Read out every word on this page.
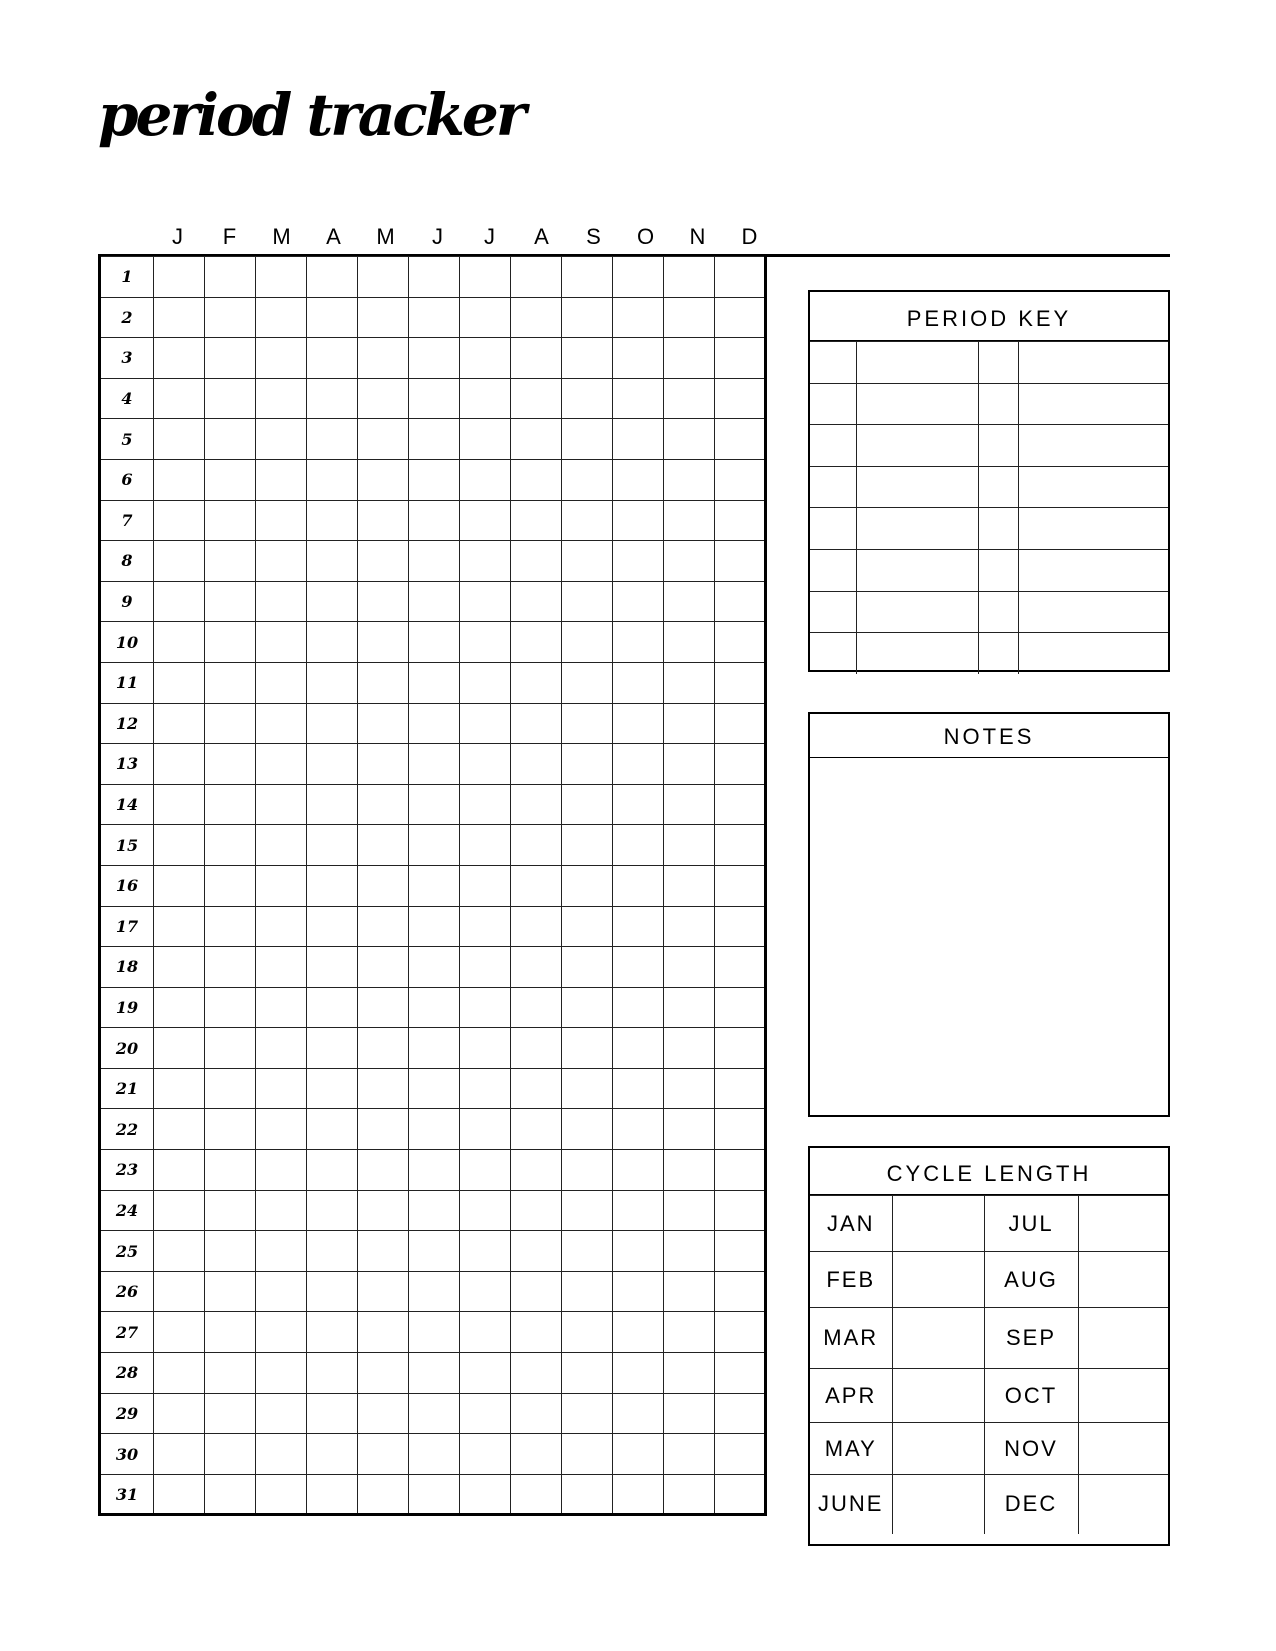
period tracker
J	F	M	A	M	J	J	A	S	O	N	D
1												
2												
3												
4												
5												
6												
7												
8												
9												
10												
11												
12												
13												
14												
15												
16												
17												
18												
19												
20												
21												
22												
23												
24												
25												
26												
27												
28												
29												
30												
31												
PERIOD KEY

NOTES
CYCLE LENGTH
JAN		JUL	
FEB		AUG	
MAR		SEP	
APR		OCT	
MAY		NOV	
JUNE		DEC	
